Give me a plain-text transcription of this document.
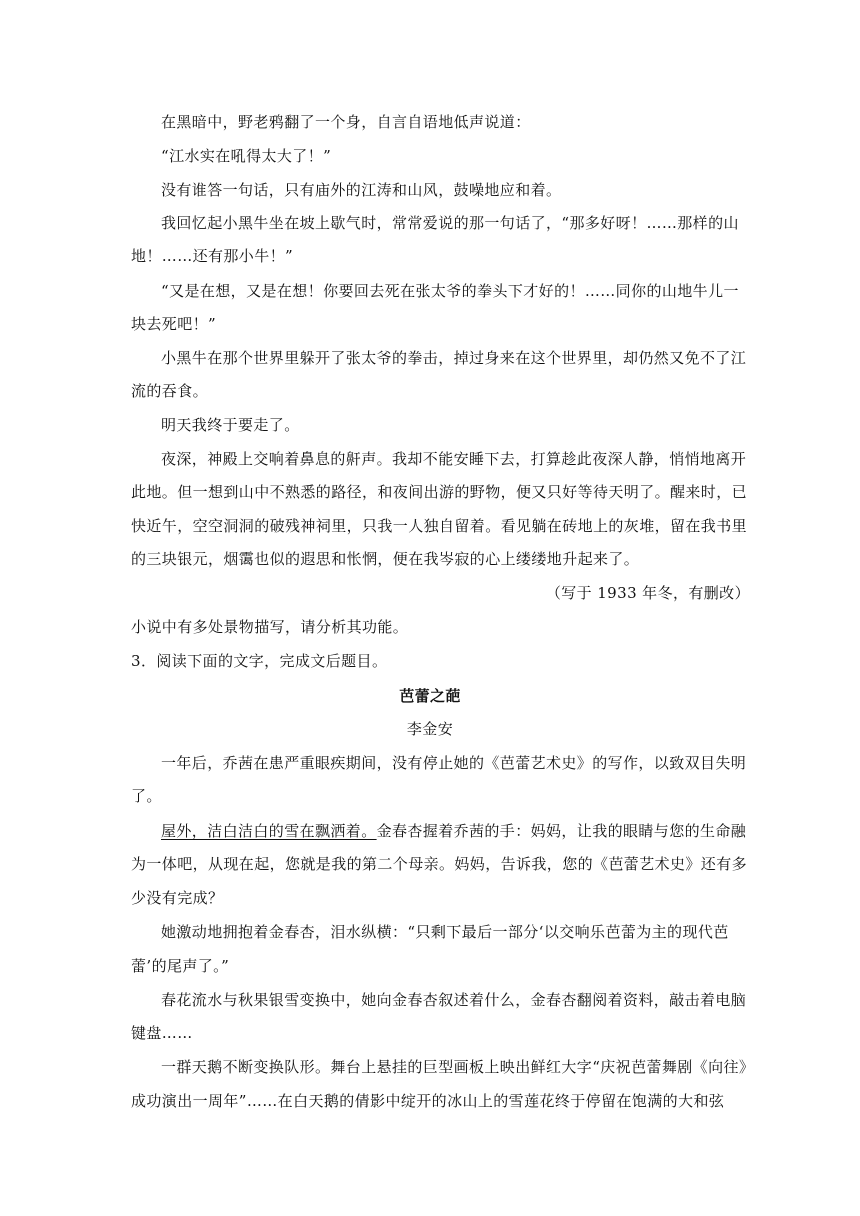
在黑暗中，野老鸦翻了一个身，自言自语地低声说道：
“江水实在吼得太大了！”
没有谁答一句话，只有庙外的江涛和山风，鼓噪地应和着。
我回忆起小黑牛坐在坡上歇气时，常常爱说的那一句话了，“那多好呀！……那样的山
地！……还有那小牛！”
“又是在想，又是在想！你要回去死在张太爷的拳头下才好的！……同你的山地牛儿一
块去死吧！”
小黑牛在那个世界里躲开了张太爷的拳击，掉过身来在这个世界里，却仍然又免不了江
流的吞食。
明天我终于要走了。
夜深，神殿上交响着鼻息的鼾声。我却不能安睡下去，打算趁此夜深人静，悄悄地离开
此地。但一想到山中不熟悉的路径，和夜间出游的野物，便又只好等待天明了。醒来时，已
快近午，空空洞洞的破残神祠里，只我一人独自留着。看见躺在砖地上的灰堆，留在我书里
的三块银元，烟霭也似的遐思和怅惘，便在我岑寂的心上缕缕地升起来了。
（写于 1933 年冬，有删改）
小说中有多处景物描写，请分析其功能。
3．阅读下面的文字，完成文后题目。
芭蕾之葩
李金安
一年后，乔茜在患严重眼疾期间，没有停止她的《芭蕾艺术史》的写作，以致双目失明
了。
屋外，洁白洁白的雪在飘洒着。金春杏握着乔茜的手：妈妈，让我的眼睛与您的生命融
为一体吧，从现在起，您就是我的第二个母亲。妈妈，告诉我，您的《芭蕾艺术史》还有多
少没有完成？
她激动地拥抱着金春杏，泪水纵横：“只剩下最后一部分‘以交响乐芭蕾为主的现代芭
蕾’的尾声了。”
春花流水与秋果银雪变换中，她向金春杏叙述着什么，金春杏翻阅着资料，敲击着电脑
键盘……
一群天鹅不断变换队形。舞台上悬挂的巨型画板上映出鲜红大字“庆祝芭蕾舞剧《向往》
成功演出一周年”……在白天鹅的倩影中绽开的冰山上的雪莲花终于停留在饱满的大和弦
